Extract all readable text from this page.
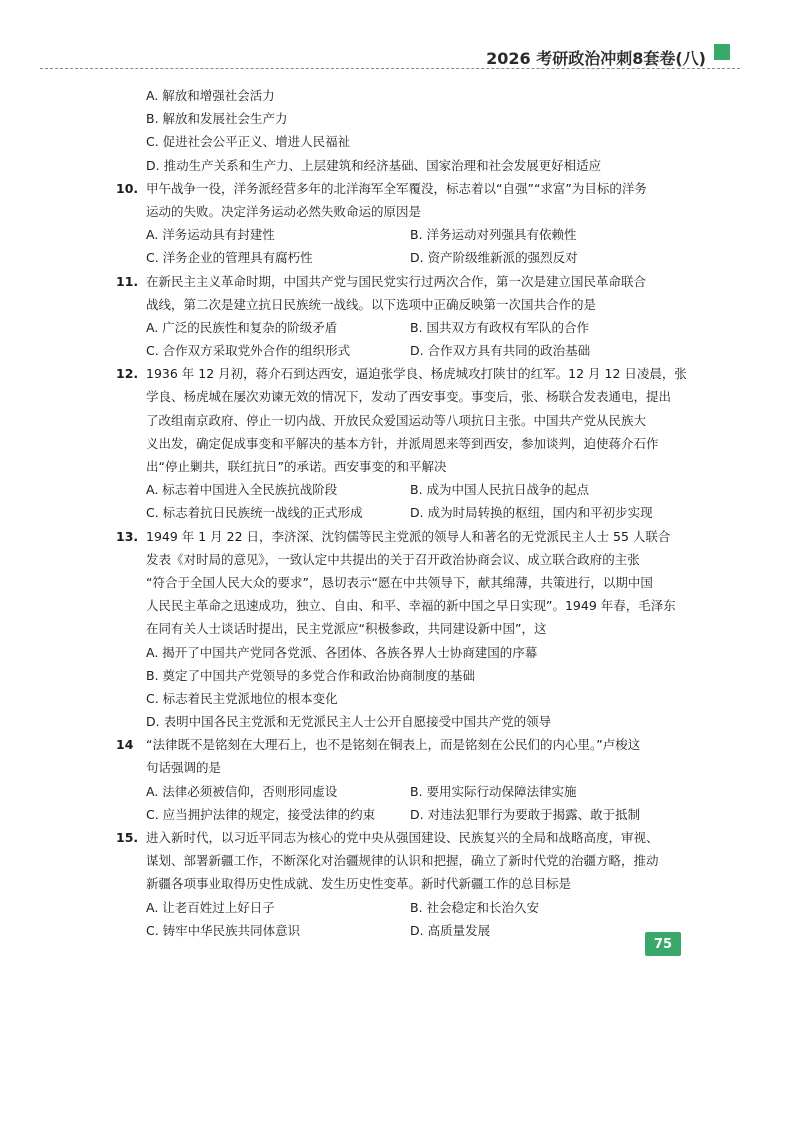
2026 考研政治冲刺8套卷(八)
A. 解放和增强社会活力
B. 解放和发展社会生产力
C. 促进社会公平正义、增进人民福祉
D. 推动生产关系和生产力、上层建筑和经济基础、国家治理和社会发展更好相适应
10. 甲午战争一役，洋务派经营多年的北洋海军全军覆没，标志着以“自强”“求富”为目标的洋务
运动的失败。决定洋务运动必然失败命运的原因是
A. 洋务运动具有封建性	B. 洋务运动对列强具有依赖性
C. 洋务企业的管理具有腐朽性	D. 资产阶级维新派的强烈反对
11. 在新民主主义革命时期，中国共产党与国民党实行过两次合作，第一次是建立国民革命联合
战线，第二次是建立抗日民族统一战线。以下选项中正确反映第一次国共合作的是
A. 广泛的民族性和复杂的阶级矛盾	B. 国共双方有政权有军队的合作
C. 合作双方采取党外合作的组织形式	D. 合作双方具有共同的政治基础
12. 1936 年 12 月初，蒋介石到达西安，逼迫张学良、杨虎城攻打陕甘的红军。12 月 12 日凌晨，张
学良、杨虎城在屡次劝谏无效的情况下，发动了西安事变。事变后，张、杨联合发表通电，提出
了改组南京政府、停止一切内战、开放民众爱国运动等八项抗日主张。中国共产党从民族大
义出发，确定促成事变和平解决的基本方针，并派周恩来等到西安，参加谈判，迫使蒋介石作
出“停止剿共，联红抗日”的承诺。西安事变的和平解决
A. 标志着中国进入全民族抗战阶段	B. 成为中国人民抗日战争的起点
C. 标志着抗日民族统一战线的正式形成	D. 成为时局转换的枢纽，国内和平初步实现
13. 1949 年 1 月 22 日，李济深、沈钧儒等民主党派的领导人和著名的无党派民主人士 55 人联合
发表《对时局的意见》，一致认定中共提出的关于召开政治协商会议、成立联合政府的主张
“符合于全国人民大众的要求”，恳切表示“愿在中共领导下，献其绵薄，共策进行，以期中国
人民民主革命之迅速成功，独立、自由、和平、幸福的新中国之早日实现”。1949 年春，毛泽东
在同有关人士谈话时提出，民主党派应“积极参政，共同建设新中国”，这
A. 揭开了中国共产党同各党派、各团体、各族各界人士协商建国的序幕
B. 奠定了中国共产党领导的多党合作和政治协商制度的基础
C. 标志着民主党派地位的根本变化
D. 表明中国各民主党派和无党派民主人士公开自愿接受中国共产党的领导
14 “法律既不是铭刻在大理石上，也不是铭刻在铜表上，而是铭刻在公民们的内心里。”卢梭这
句话强调的是
A. 法律必须被信仰，否则形同虚设	B. 要用实际行动保障法律实施
C. 应当拥护法律的规定，接受法律的约束	D. 对违法犯罪行为要敢于揭露、敢于抵制
15. 进入新时代，以习近平同志为核心的党中央从强国建设、民族复兴的全局和战略高度，审视、
谋划、部署新疆工作，不断深化对治疆规律的认识和把握，确立了新时代党的治疆方略，推动
新疆各项事业取得历史性成就、发生历史性变革。新时代新疆工作的总目标是
A. 让老百姓过上好日子	B. 社会稳定和长治久安
C. 铸牢中华民族共同体意识	D. 高质量发展
75
